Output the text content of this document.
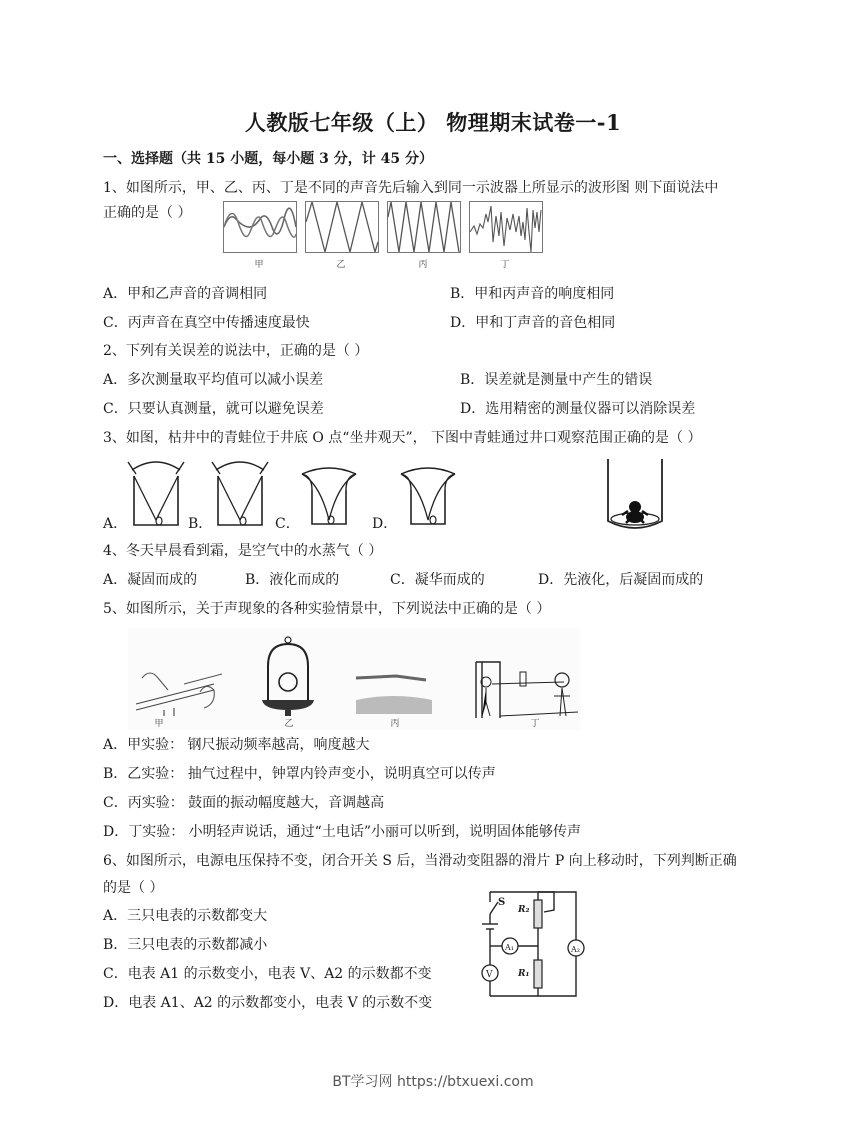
人教版七年级（上） 物理期末试卷一-1
一、选择题（共 15 小题，每小题 3 分，计 45 分）
1、如图所示，甲、乙、丙、丁是不同的声音先后输入到同一示波器上所显示的波形图 则下面说法中
正确的是（ ）
甲	乙	丙	丁
A．甲和乙声音的音调相同	B．甲和丙声音的响度相同
C．丙声音在真空中传播速度最快	D．甲和丁声音的音色相同
2、下列有关误差的说法中，正确的是（ ）
A．多次测量取平均值可以减小误差	B．误差就是测量中产生的错误
C．只要认真测量，就可以避免误差	D．选用精密的测量仪器可以消除误差
3、如图，枯井中的青蛙位于井底 O 点“坐井观天”， 下图中青蛙通过井口观察范围正确的是（ ）
A．	B．	C．	D．
4、冬天早晨看到霜，是空气中的水蒸气（ ）
A．凝固而成的	B．液化而成的	C．凝华而成的	D．先液化，后凝固而成的
5、如图所示，关于声现象的各种实验情景中，下列说法中正确的是（ ）
甲	乙	丙	丁
A．甲实验： 钢尺振动频率越高，响度越大
B．乙实验： 抽气过程中，钟罩内铃声变小，说明真空可以传声
C．丙实验： 鼓面的振动幅度越大，音调越高
D．丁实验： 小明轻声说话，通过“土电话”小丽可以听到，说明固体能够传声
6、如图所示，电源电压保持不变，闭合开关 S 后，当滑动变阻器的滑片 P 向上移动时，下列判断正确
的是（ ）
A．三只电表的示数都变大
B．三只电表的示数都减小
C．电表 A1 的示数变小，电表 V、A2 的示数都不变
D．电表 A1、A2 的示数都变小，电表 V 的示数不变
S
R₂
R₁
A₁	A₂
V
BT学习网 https://btxuexi.com
